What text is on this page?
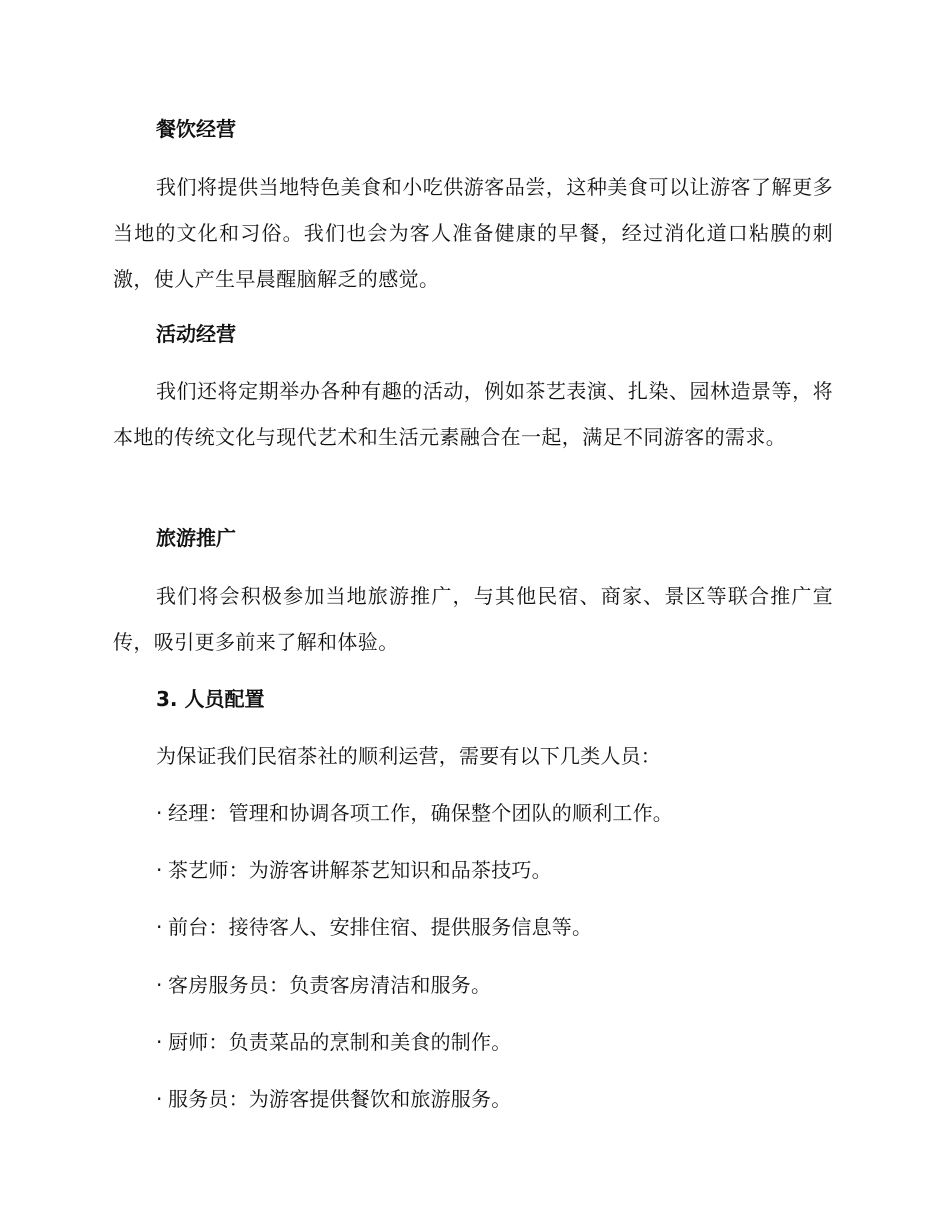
餐饮经营

我们将提供当地特色美食和小吃供游客品尝，这种美食可以让游客了解更多当地的文化和习俗。我们也会为客人准备健康的早餐，经过消化道口粘膜的刺激，使人产生早晨醒脑解乏的感觉。

活动经营

我们还将定期举办各种有趣的活动，例如茶艺表演、扎染、园林造景等，将本地的传统文化与现代艺术和生活元素融合在一起，满足不同游客的需求。

旅游推广

我们将会积极参加当地旅游推广，与其他民宿、商家、景区等联合推广宣传，吸引更多前来了解和体验。

3. 人员配置
为保证我们民宿茶社的顺利运营，需要有以下几类人员：
· 经理：管理和协调各项工作，确保整个团队的顺利工作。
· 茶艺师：为游客讲解茶艺知识和品茶技巧。
· 前台：接待客人、安排住宿、提供服务信息等。
· 客房服务员：负责客房清洁和服务。
· 厨师：负责菜品的烹制和美食的制作。
· 服务员：为游客提供餐饮和旅游服务。
